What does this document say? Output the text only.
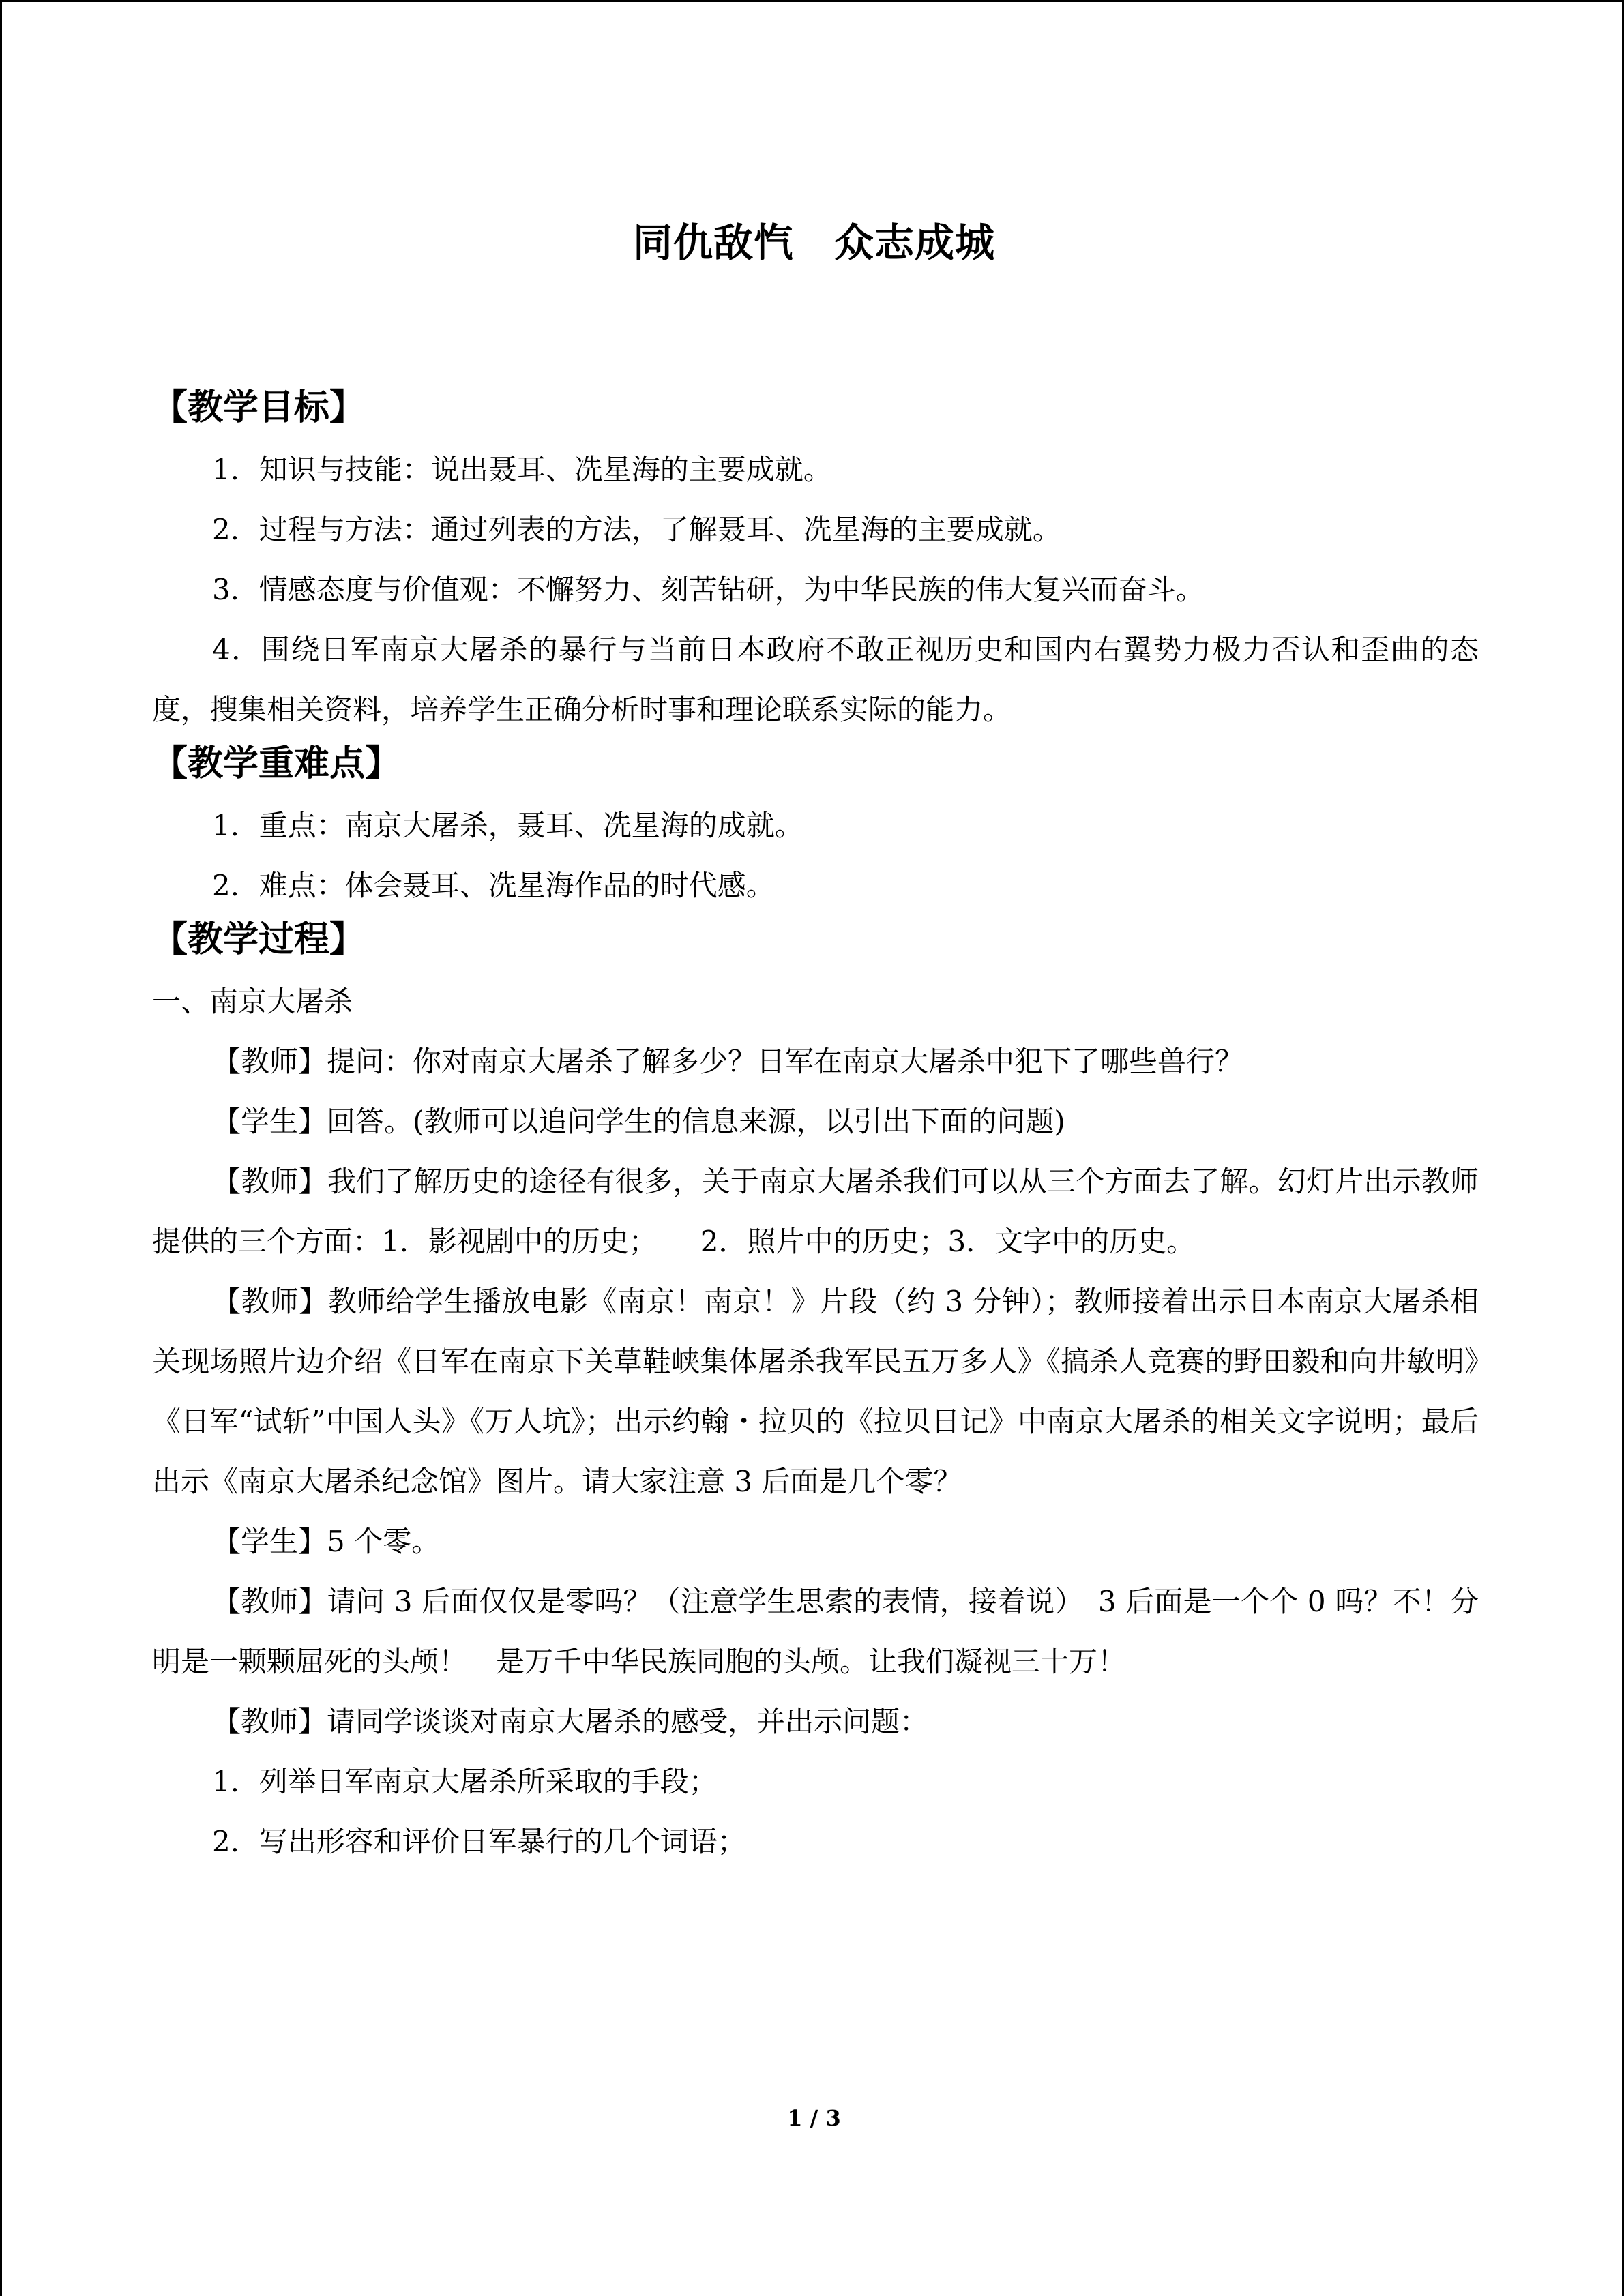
同仇敌忾　众志成城
【教学目标】

1．知识与技能：说出聂耳、冼星海的主要成就。

2．过程与方法：通过列表的方法，了解聂耳、冼星海的主要成就。

3．情感态度与价值观：不懈努力、刻苦钻研，为中华民族的伟大复兴而奋斗。

4．围绕日军南京大屠杀的暴行与当前日本政府不敢正视历史和国内右翼势力极力否认和歪曲的态度，搜集相关资料，培养学生正确分析时事和理论联系实际的能力。

【教学重难点】

1．重点：南京大屠杀，聂耳、冼星海的成就。

2．难点：体会聂耳、冼星海作品的时代感。

【教学过程】

一、南京大屠杀

【教师】提问：你对南京大屠杀了解多少？日军在南京大屠杀中犯下了哪些兽行？

【学生】回答。(教师可以追问学生的信息来源，以引出下面的问题)

【教师】我们了解历史的途径有很多，关于南京大屠杀我们可以从三个方面去了解。幻灯片出示教师提供的三个方面：1．影视剧中的历史；　　2．照片中的历史；3．文字中的历史。

【教师】教师给学生播放电影《南京！南京！》片段（约 3 分钟）；教师接着出示日本南京大屠杀相关现场照片边介绍《日军在南京下关草鞋峡集体屠杀我军民五万多人》《搞杀人竞赛的野田毅和向井敏明》《日军“试斩”中国人头》《万人坑》；出示约翰・拉贝的《拉贝日记》中南京大屠杀的相关文字说明；最后出示《南京大屠杀纪念馆》图片。请大家注意 3 后面是几个零？

【学生】5 个零。

【教师】请问 3 后面仅仅是零吗？（注意学生思索的表情，接着说）　3 后面是一个个 0 吗？不！分明是一颗颗屈死的头颅！　是万千中华民族同胞的头颅。让我们凝视三十万！

【教师】请同学谈谈对南京大屠杀的感受，并出示问题：

1．列举日军南京大屠杀所采取的手段；

2．写出形容和评价日军暴行的几个词语；

1 / 3
